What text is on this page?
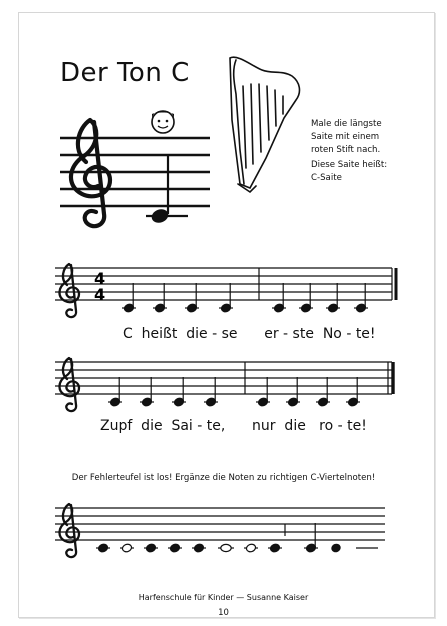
Der Ton C

Male die längste

Saite mit einem

roten Stift nach.

Diese Saite heißt:

C-Saite

4
4

C  heißt  die - se      er - ste  No - te!

Zupf  die  Sai - te,      nur  die   ro - te!

Der Fehlerteufel ist los! Ergänze die Noten zu richtigen C-Viertelnoten!

Harfenschule für Kinder — Susanne Kaiser

10
